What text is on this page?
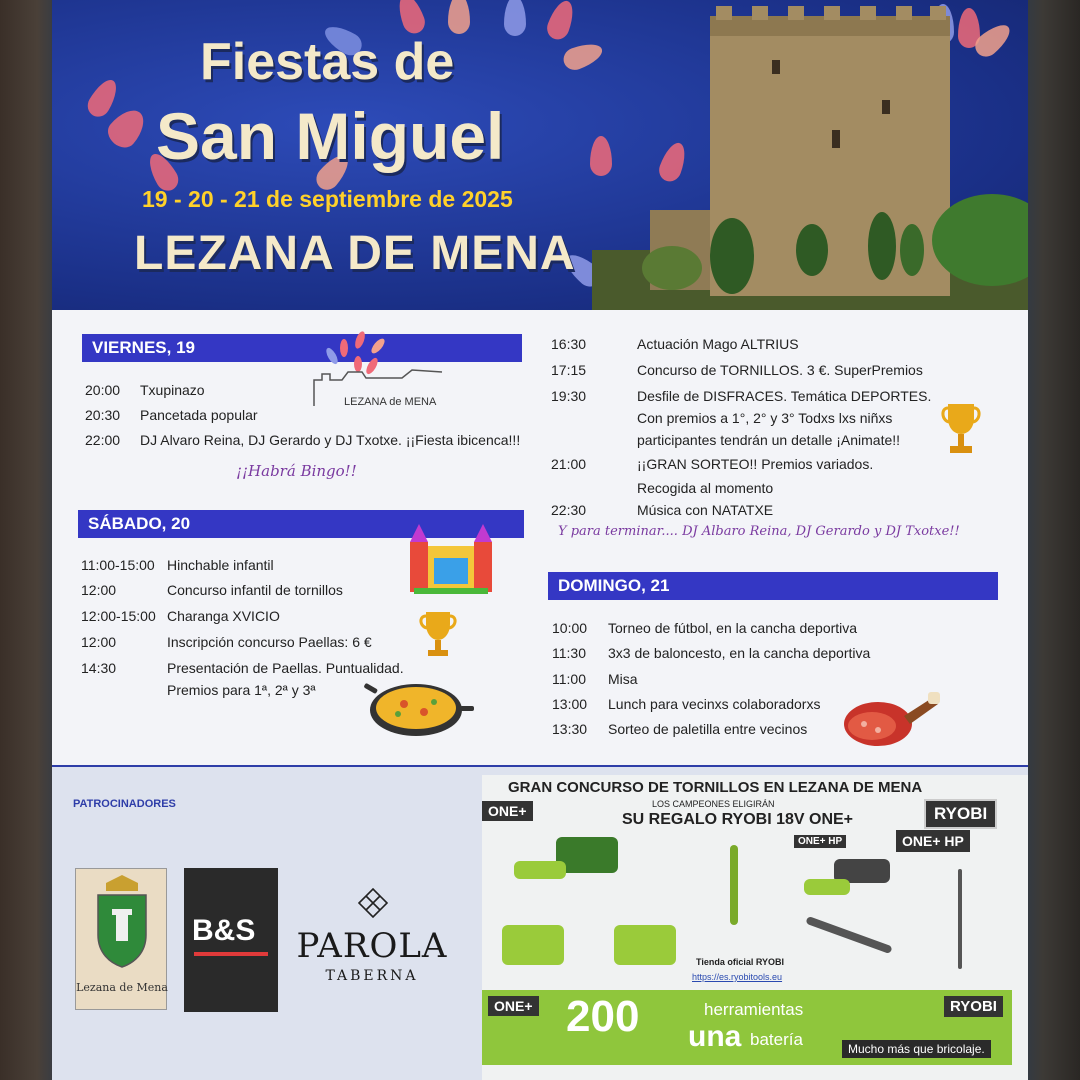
Fiestas de
San Miguel
19 - 20 - 21 de septiembre de 2025
LEZANA DE MENA
VIERNES, 19
LEZANA de MENA
20:00 Txupinazo
20:30 Pancetada popular
22:00 DJ Alvaro Reina, DJ Gerardo y DJ Txotxe. ¡¡Fiesta ibicenca!!!
¡¡Habrá Bingo!!
SÁBADO, 20
11:00-15:00 Hinchable infantil
12:00	Concurso infantil de tornillos
12:00-15:00 Charanga XVICIO
12:00	Inscripción concurso Paellas: 6 €
14:30	Presentación de Paellas. Puntualidad.
Premios para 1ª, 2ª y 3ª
16:30	Actuación Mago ALTRIUS
17:15	Concurso de TORNILLOS. 3 €. SuperPremios
19:30	Desfile de DISFRACES. Temática DEPORTES.
Con premios a 1°, 2° y 3° Todxs lxs niñxs
participantes tendrán un detalle ¡Animate!!
21:00	¡¡GRAN SORTEO!! Premios variados.
Recogida al momento
22:30	Música con NATATXE
Y para terminar.... DJ Albaro Reina, DJ Gerardo y DJ Txotxe!!
DOMINGO, 21
10:00 Torneo de fútbol, en la cancha deportiva
11:30 3x3 de baloncesto, en la cancha deportiva
11:00 Misa
13:00 Lunch para vecinxs colaboradorxs
13:30 Sorteo de paletilla entre vecinos
PATROCINADORES
Lezana de Mena
B&S PAROLA
TABERNA
GRAN CONCURSO DE TORNILLOS EN LEZANA DE MENA
LOS CAMPEONES ELIGIRÁN
SU REGALO RYOBI 18V ONE+
ONE+	RYOBI
ONE+ HP
ONE+ HP
Tienda oficial RYOBI
https://es.ryobitools.eu
ONE+ 200	herramientas
una batería
RYOBI
Mucho más que bricolaje.
